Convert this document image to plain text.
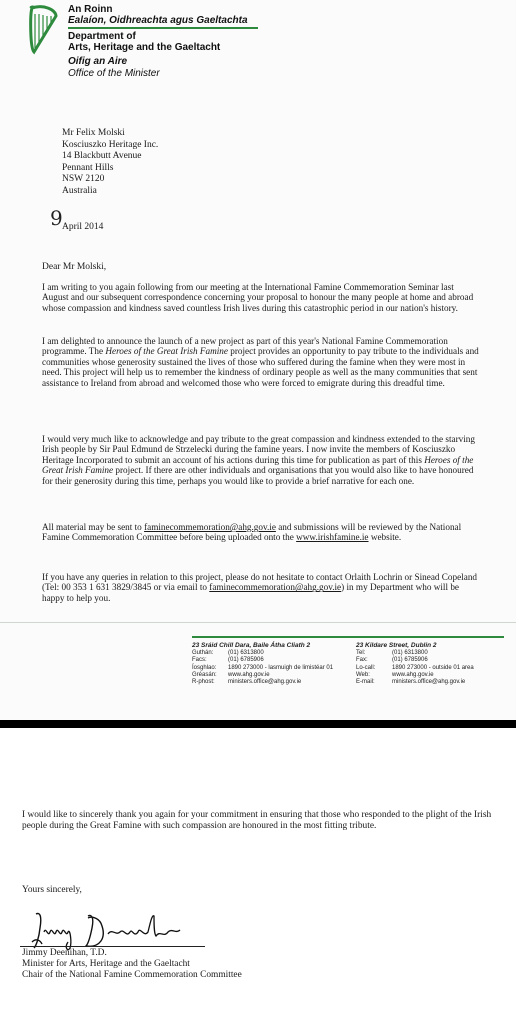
An Roinn
Ealaíon, Oidhreachta agus Gaeltachta
Department of
Arts, Heritage and the Gaeltacht
Oifig an Aire
Office of the Minister
Mr Felix Molski
Kosciuszko Heritage Inc.
14 Blackbutt Avenue
Pennant Hills
NSW 2120
Australia
9 April 2014
Dear Mr Molski,
I am writing to you again following from our meeting at the International Famine Commemoration Seminar last August and our subsequent correspondence concerning your proposal to honour the many people at home and abroad whose compassion and kindness saved countless Irish lives during this catastrophic period in our nation's history.
I am delighted to announce the launch of a new project as part of this year's National Famine Commemoration programme. The Heroes of the Great Irish Famine project provides an opportunity to pay tribute to the individuals and communities whose generosity sustained the lives of those who suffered during the famine when they were most in need. This project will help us to remember the kindness of ordinary people as well as the many communities that sent assistance to Ireland from abroad and welcomed those who were forced to emigrate during this dreadful time.
I would very much like to acknowledge and pay tribute to the great compassion and kindness extended to the starving Irish people by Sir Paul Edmund de Strzelecki during the famine years. I now invite the members of Kosciuszko Heritage Incorporated to submit an account of his actions during this time for publication as part of this Heroes of the Great Irish Famine project. If there are other individuals and organisations that you would also like to have honoured for their generosity during this time, perhaps you would like to provide a brief narrative for each one.
All material may be sent to faminecommemoration@ahg.gov.ie and submissions will be reviewed by the National Famine Commemoration Committee before being uploaded onto the www.irishfamine.ie website.
If you have any queries in relation to this project, please do not hesitate to contact Orlaith Lochrin or Sinead Copeland (Tel: 00 353 1 631 3829/3845 or via email to faminecommemoration@ahg.gov.ie) in my Department who will be happy to help you.
23 Sráid Chill Dara, Baile Átha Cliath 2
Guthán:	(01) 6313800
Facs:	(01) 6785906
Íosghlao:	1890 273000 - lasmuigh de limistéar 01
Gréasán:	www.ahg.gov.ie
R-phost:	ministers.office@ahg.gov.ie
23 Kildare Street, Dublin 2
Tel:	(01) 6313800
Fax:	(01) 6785906
Lo-call:	1890 273000 - outside 01 area
Web:	www.ahg.gov.ie
E-mail:	ministers.office@ahg.gov.ie
I would like to sincerely thank you again for your commitment in ensuring that those who responded to the plight of the Irish people during the Great Famine with such compassion are honoured in the most fitting tribute.
Yours sincerely,
Jimmy Deenihan, T.D.
Minister for Arts, Heritage and the Gaeltacht
Chair of the National Famine Commemoration Committee
